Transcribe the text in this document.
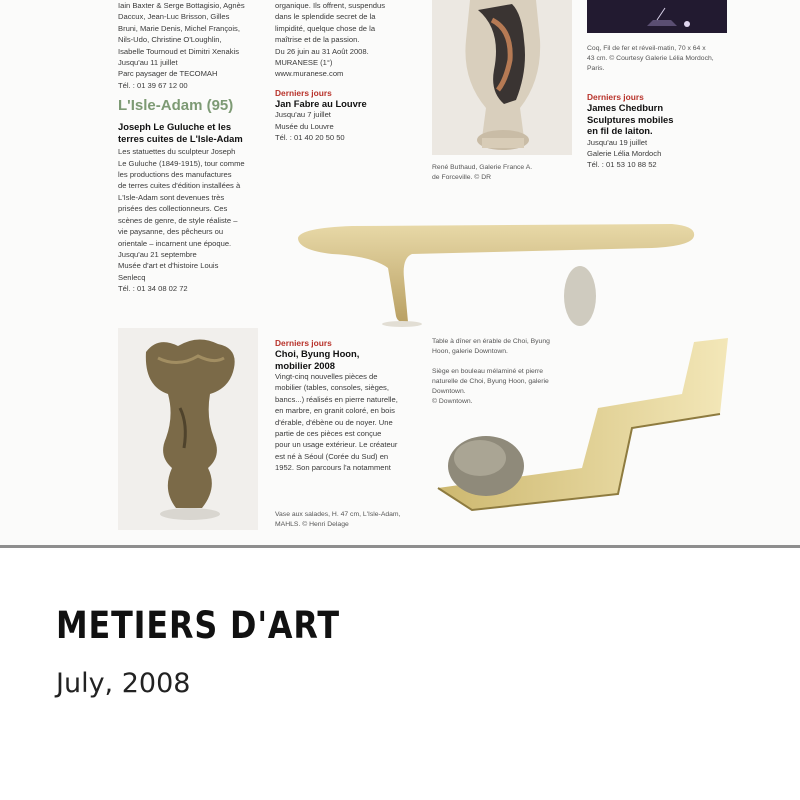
Iain Baxter & Serge Bottagisio, Agnès

Daccux, Jean-Luc Brisson, Gilles

Bruni, Marie Denis, Michel François,

Nils-Udo, Christine O'Loughlin,

Isabelle Tournoud et Dimitri Xenakis

Jusqu'au 11 juillet

Parc paysager de TECOMAH

Tél. : 01 39 67 12 00

L'Isle-Adam (95)

Joseph Le Guluche et les

terres cuites de L'Isle-Adam

Les statuettes du sculpteur Joseph

Le Guluche (1849-1915), tour comme

les productions des manufactures

de terres cuites d'édition installées à

L'Isle-Adam sont devenues très

prisées des collectionneurs. Ces

scènes de genre, de style réaliste –

vie paysanne, des pêcheurs ou

orientale – incarnent une époque.

Jusqu'au 21 septembre

Musée d'art et d'histoire Louis

Senlecq

Tél. : 01 34 08 02 72

organique. Ils offrent, suspendus

dans le splendide secret de la

limpidité, quelque chose de la

maîtrise et de la passion.

Du 26 juin au 31 Août 2008.

MURANESE (1°)

www.muranese.com

Derniers jours

Jan Fabre au Louvre

Jusqu'au 7 juillet

Musée du Louvre

Tél. : 01 40 20 50 50

René Buthaud, Galerie France A.

de Forceville. © DR

Coq, Fil de fer et réveil-matin, 70 x 64 x

43 cm. © Courtesy Galerie Lélia Mordoch,

Paris.

Derniers jours

James Chedburn

Sculptures mobiles

en fil de laiton.

Jusqu'au 19 juillet

Galerie Lélia Mordoch

Tél. : 01 53 10 88 52

Derniers jours

Choi, Byung Hoon,

mobilier 2008

Vingt-cinq nouvelles pièces de

mobilier (tables, consoles, sièges,

bancs...) réalisés en pierre naturelle,

en marbre, en granit coloré, en bois

d'érable, d'ébène ou de noyer. Une

partie de ces pièces est conçue

pour un usage extérieur. Le créateur

est né à Séoul (Corée du Sud) en

1952. Son parcours l'a notamment

Vase aux salades, H. 47 cm, L'Isle-Adam,

MAHLS. © Henri Delage

Table à dîner en érable de Choi, Byung

Hoon, galerie Downtown.

Siège en bouleau mélaminé et pierre

naturelle de Choi, Byung Hoon, galerie

Downtown.

© Downtown.

METIERS D'ART
July, 2008
